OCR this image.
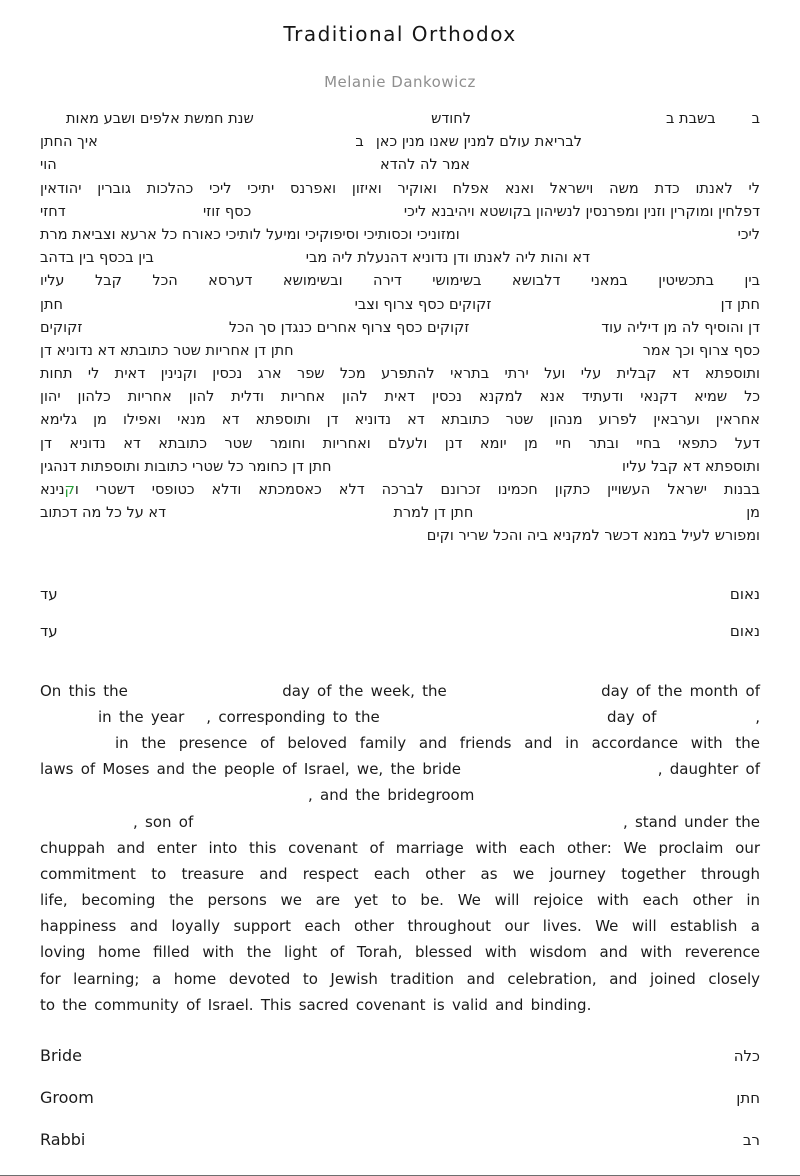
Traditional Orthodox
Melanie Dankowicz
ב
בשבת ב
לחודש
שנת חמשת אלפים ושבע מאות
לבריאת עולם למנין שאנו מנין כאן
ב
איך החתן
אמר לה להדא
הוי
לי לאנתו כדת משה וישראל ואנא אפלח ואוקיר ואיזון ואפרנס יתיכי ליכי כהלכות גוברין יהודאין
דפלחין ומוקרין וזנין ומפרנסין לנשיהון בקושטא ויהיבנא ליכי
כסף זוזי
דחזי
ליכי
ומזוניכי וכסותיכי וסיפוקיכי ומיעל לותיכי כאורח כל ארעא וצביאת מרת
דא והות ליה לאנתו ודן נדוניא דהנעלת ליה מבי
בין בכסף בין בדהב
בין בתכשיטין במאני דלבושא בשימושי דירה ובשימושא דערסא הכל קבל עליו
חתן דן
זקוקים כסף צרוף וצבי
חתן
דן והוסיף לה מן דיליה עוד
זקוקים כסף צרוף אחרים כנגדן סך הכל
זקוקים
כסף צרוף וכך אמר
חתן דן אחריות שטר כתובתא דא נדוניא דן
ותוספתא דא קבלית עלי ועל ירתי בתראי להתפרע מכל שפר ארג נכסין וקנינין דאית לי תחות
כל שמיא דקנאי ודעתיד אנא למקנא נכסין דאית להון אחריות ודלית להון אחריות כלהון יהון
אחראין וערבאין לפרוע מנהון שטר כתובתא דא נדוניא דן ותוספתא דא מנאי ואפילו מן גלימא
דעל כתפאי בחיי ובתר חיי מן יומא דנן ולעלם ואחריות וחומר שטר כתובתא דא נדוניא דן
ותוספתא דא קבל עליו
חתן דן כחומר כל שטרי כתובות ותוספתות דנהגין
בבנות ישראל העשויין כתקון חכמינו זכרונם לברכה דלא כאסמכתא ודלא כטופסי דשטרי וקנינא
מן
חתן דן למרת
דא על כל מה דכתוב
ומפורש לעיל במנא דכשר למקניא ביה והכל שריר וקים
נאום
עד
נאום
עד
On this the	day of the week, the	day of the month of
in the year , corresponding to the	day of	,
in the presence of beloved family and friends and in accordance with the
laws of Moses and the people of Israel, we, the bride	, daughter of
, and the bridegroom
, son of	, stand under the
chuppah and enter into this covenant of marriage with each other: We proclaim our
commitment to treasure and respect each other as we journey together through
life, becoming the persons we are yet to be. We will rejoice with each other in
happiness and loyally support each other throughout our lives. We will establish a
loving home filled with the light of Torah, blessed with wisdom and with reverence
for learning; a home devoted to Jewish tradition and celebration, and joined closely
to the community of Israel. This sacred covenant is valid and binding.
Bride	כלה
Groom	חתן
Rabbi	רב
